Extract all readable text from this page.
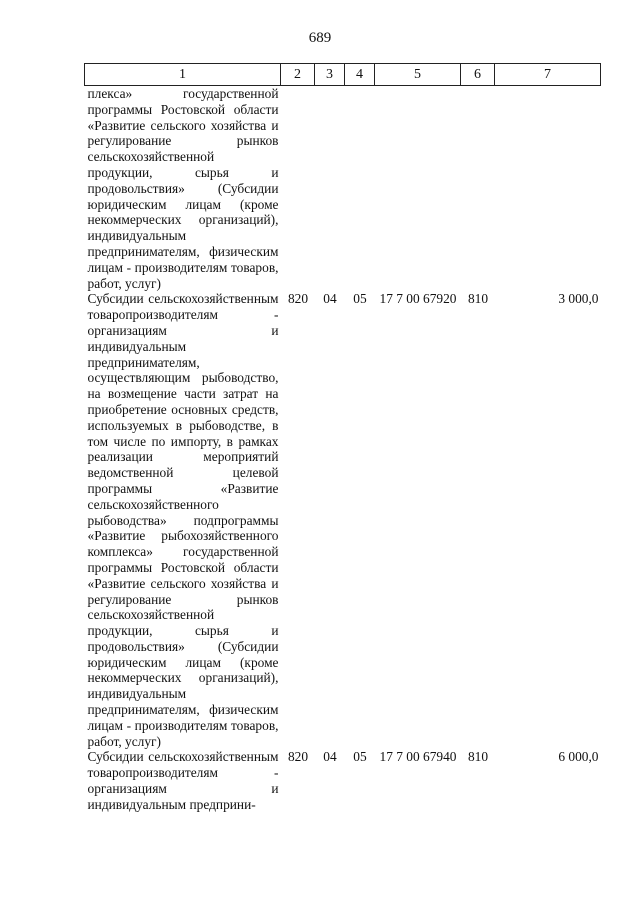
689
1	2	3	4	5	6	7
плекса» государственной программы Ростовской области «Развитие сельского хозяйства и регулирование рынков сельскохозяйственной продукции, сырья и продовольствия» (Субсидии юридическим лицам (кроме некоммерческих организаций), индивидуальным предпринимателям, физическим лицам - производителям товаров, работ, услуг)						
Субсидии сельскохозяйственным товаропроизводителям - организациям и индивидуальным предпринимателям, осуществляющим рыбоводство, на возмещение части затрат на приобретение основных средств, используемых в рыбоводстве, в том числе по импорту, в рамках реализации мероприятий ведомственной целевой программы «Развитие сельскохозяйственного рыбоводства» подпрограммы «Развитие рыбохозяйственного комплекса» государственной программы Ростовской области «Развитие сельского хозяйства и регулирование рынков сельскохозяйственной продукции, сырья и продовольствия» (Субсидии юридическим лицам (кроме некоммерческих организаций), индивидуальным предпринимателям, физическим лицам - производителям товаров, работ, услуг)	820	04	05	17 7 00 67920	810	3 000,0
Субсидии сельскохозяйственным товаропроизводителям - организациям и индивидуальным предприни-	820	04	05	17 7 00 67940	810	6 000,0
